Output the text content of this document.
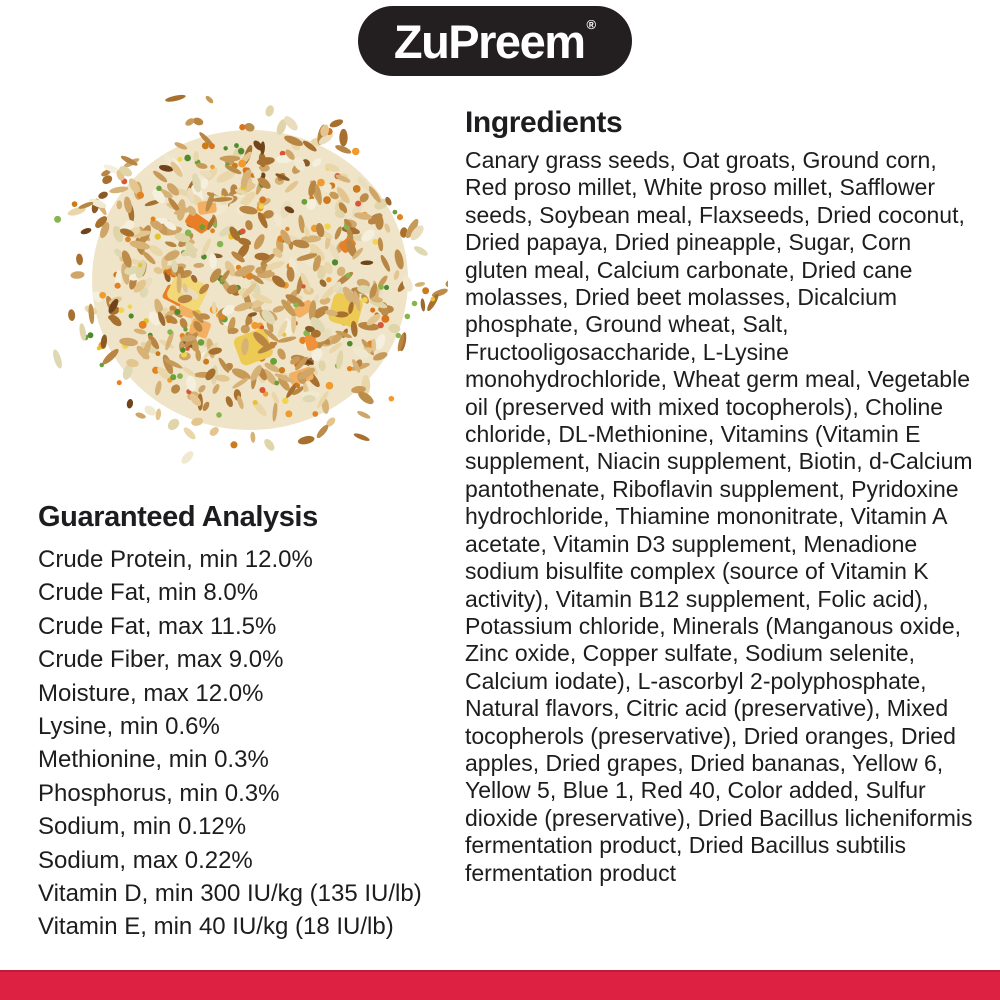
ZuPreem ®
Guaranteed Analysis
Crude Protein, min 12.0%
Crude Fat, min 8.0%
Crude Fat, max 11.5%
Crude Fiber, max 9.0%
Moisture, max 12.0%
Lysine, min 0.6%
Methionine, min 0.3%
Phosphorus, min 0.3%
Sodium, min 0.12%
Sodium, max 0.22%
Vitamin D, min 300 IU/kg (135 IU/lb)
Vitamin E, min 40 IU/kg (18 IU/lb)
Ingredients

Canary grass seeds, Oat groats, Ground corn, Red proso millet, White proso millet, Safflower seeds, Soybean meal, Flaxseeds, Dried coconut, Dried papaya, Dried pineapple, Sugar, Corn gluten meal, Calcium carbonate, Dried cane molasses, Dried beet molasses, Dicalcium phosphate, Ground wheat, Salt, Fructooligosaccharide, L-Lysine monohydrochloride, Wheat germ meal, Vegetable oil (preserved with mixed tocopherols), Choline chloride, DL-Methionine, Vitamins (Vitamin E supplement, Niacin supplement, Biotin, d-Calcium pantothenate, Riboflavin supplement, Pyridoxine hydrochloride, Thiamine mononitrate, Vitamin A acetate, Vitamin D3 supplement, Menadione sodium bisulfite complex (source of Vitamin K activity), Vitamin B12 supplement, Folic acid), Potassium chloride, Minerals (Manganous oxide, Zinc oxide, Copper sulfate, Sodium selenite, Calcium iodate), L-ascorbyl 2-polyphosphate, Natural flavors, Citric acid (preservative), Mixed tocopherols (preservative), Dried oranges, Dried apples, Dried grapes, Dried bananas, Yellow 6, Yellow 5, Blue 1, Red 40, Color added, Sulfur dioxide (preservative), Dried Bacillus licheniformis fermentation product, Dried Bacillus subtilis fermentation product
